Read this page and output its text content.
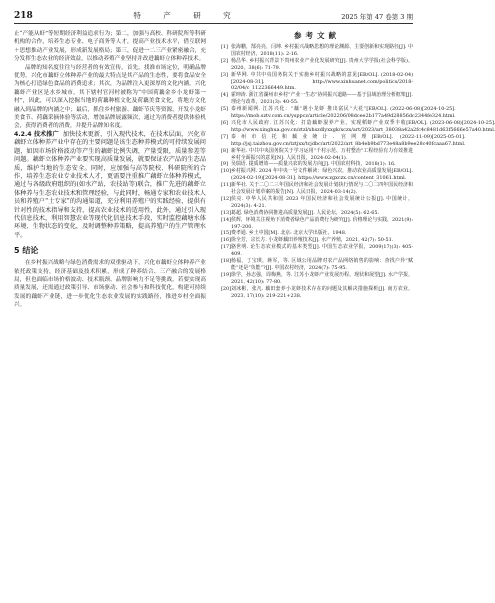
218	特 产 研 究	2025 年第 47 卷第 3 期

止“产能从虾”等短期经济利益追求行为；第二，加强与高校、科研院所等科研机构的合作，培养生态专业、电子商务等人才，提高产业技术水平，借互联网＋思想推动产业发展，形成新发展格局；第三，促进一二三产业紧密融合，充分发挥生态农业的经济效益，以推动养殖产业坚持并改进藕虾立体种养技术。

品牌的知名度往往与经营者的有效宣传，首先，找准市场定位，明确品牌优势。兴化市藕虾立体种养产业的最大特点是其产品的生态性，要将食品安全为核心打造绿色食品的消费追求；其次，为品牌注入更深厚的文化内涵，兴化藕虾产业区是水乡城市，其下辖村官河村被称为“中国荷藕金乡小龙虾第一村”，因此，可以深入挖掘当地的荷藕种植文化及荷藕美食文化，将地方文化融入到品牌的内涵之中；最后，抓住乡村旅游、藕虾节庆等资源，开发小龙虾美食节、荷藕采摘体验等活动，增加品牌展露频次，通过为消费者提供体验机会，获得消费者的消费，并提升品牌知名度。

4.2.4 技术推广 加快技术更新，引入现代技术，在技术层面，兴化市藕虾立体种养产业中存在的主要问题是该生态种养模式的可持续发展问题，如因市场价格波动等产生的藕虾比例失调，产量受限，质量参差等问题。藕虾立体种养产业要实现高质量发展，就要保证农产品的生态品质，维护当地的生态安全。同时，应加强与高等院校、科研院所的合作，培养生态农业专业技术人才，更需要注重推广藕虾立体种养模式，通过与各级政府组织的(如水产站，农技站等)联合，推广先进的藕虾立体种养与生态农业技术和管理经验，与此同时，畅通专家和农业技术人员和养殖户“土专家”的沟通渠道，充分利用养殖户的实践经验，提供有针对性的技术指导和支持，提高农业技术的适用性，此外，通过引入现代信息技术，利用智慧农业等现代化信息技术手段，实时监控藕塘水体环境、生物状态的变化，及时调整种养策略，提高养殖户的生产管理水平。

5 结论

在乡村振兴战略与绿色消费需求的双重驱动下，兴化市藕虾立体种养产业依托政策支持，经济基础及技术积累，形成了种养结合、三产融合的发展格局，但也面临市场价格波动、技术瓶颈、品牌影响力不足等挑战，若要实现高质量发展，还需通过政策引导、市场驱动、社会参与和科技优化，构建可持续发展的藕虾产业链，进一步优化生态农业发展的实践路径，推进乡村全面振兴。

参考文献
[1] 张海鹏，郜亮亮，闫坤. 乡村振兴战略思想的理论渊源、主要创新和实现路径[J]. 中国农村经济，2018(11): 2-16.
[2] 杨昌华. 乡村振兴背景下贵州农业产业化发展研究[J]. 贵州大学学报(社会科学版)，2020，38(6): 71-79.
[3] 新华网. 中共中央国务院关于实施乡村振兴战略的意见[EB/OL]. (2018-02-04)[2024-08-31]. http://www.xinhuanet.com/politics/2018-02/04/c_1122366449.htm.
[4] 霍坤涛. 浙江省湖州市乡村“产业一生态”协同振兴道路——基于县域治理分析框架[J]. 理论与改革，2021(3): 40-55.
[5] 泰州新闻网. 江苏兴化：“藕”遇小龙虾 推出富民“大花”[EB/OL]. (2022-06-08)[2024-10-25]. https://mob.sztv.com.cn/ysppcz/article/202206/08dcee2b177a49d28856dc2344fe324.html.
[6] 兴化市人民政府. 江苏兴化：打造藕虾混养产业，实现稻虾产业双季丰收[EB/OL]. (2023-06-08)[2024-10-25]. http://www.xinghua.gov.cn/ztzl/xhszdlyxxgk/xczx/art/2023/art_38038a42a2fc4c8481d63f5666e57a40.html.
[7] 泰州市信托和藕业统计. 官网理[EB/OL]. (2022-11-09)[2025-05-01]. http://jsj.taizhou.gov.cn/tztjxx/tcjdbc/art/2022/art_8b4eb9bd773e48a8b9ee28c40fcaaa67.html.
[8] 新华社. 中共中央国务院关于学习运用“千村示范、万村整治”工程经验有力有效推进乡村全面振兴的意见[N]. 人民日报，2024-02-04(1).
[9] 吴瑞语. 提质增效——质量兴农的发展方向[J]. 中国农村科技，2018(1): 16.
[10] 乡村振兴网. 2024 年中央一号文件解读：绿色兴农，推动农业高质量发展[EB/OL]. (2024-02-19)[2024-08-31]. https://www.zgxczx.cn/content_31061.html.
[11] 新华社. 关于二〇二三年国民经济和社会发展计划执行情况与二〇二四年国民经济和社会发展计划草案的报告[N]. 人民日报，2024-03-14(2).
[12] 侯亮. 中华人民共和国 2023 年国民经济和社会发展统计公报[J]. 中国统计，2024(3): 4-21.
[13] 葛超. 绿色消费协同推进高质量发展[J]. 人民论坛，2024(5): 62-65.
[14] 侯辉，环境关注视角下消费者绿色产品消费行为研究[J]. 价格理论与实践，2021(9): 197-200.
[15] 费孝通. 乡土中国[M]. 北京: 北京大学出版社，1948.
[16] 徐全芳，宗长方. 小龙虾藕田养殖技术[J]. 水产养殖，2021, 42(7): 50-51.
[17] 骆世明. 论生态农业模式的基本类型[J]. 中国生态农业学报，2009(17)(3): 405-409.
[18] 杨福，丁宝瑛，蒋军，等. 区域公用品牌对农产品网络销售的影响：查找户异“赋能”还是“负能”?[J]. 中国农村经济，2024(7): 75-95.
[19] 徐学，孙志强，周梅燕，等. 江苏小龙虾产业发展历程、现状和展望[J]. 水产学报，2021, 42(10): 77-80.
[20] 刘冰彬，张凡. 藕田套养小龙虾技术存在的问题及其解决措施探析[J]. 南方农业，2023, 17(10): 219-221+238.
